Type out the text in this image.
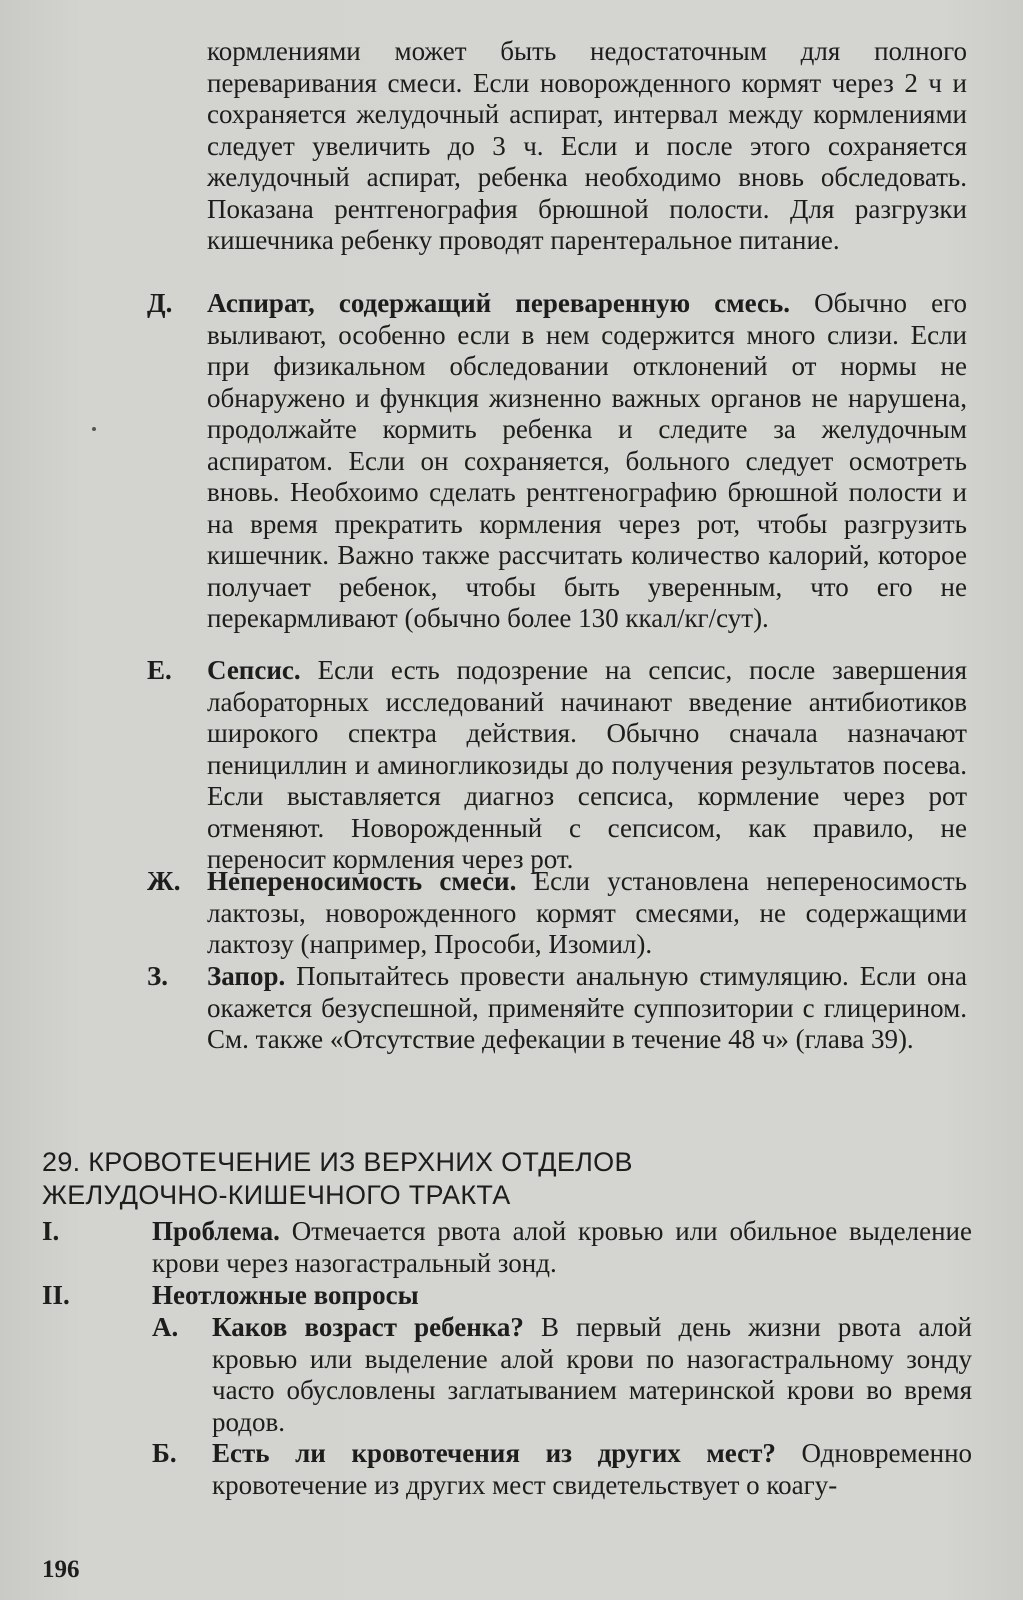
кормлениями может быть недостаточным для полного переваривания смеси. Если новорожденного кормят через 2 ч и сохраняется желудочный аспират, интервал между кормлениями следует увеличить до 3 ч. Если и после этого сохраняется желудочный аспират, ребенка необходимо вновь обследовать. Показана рентгенография брюшной полости. Для разгрузки кишечника ребенку проводят парентеральное питание.
Д. Аспират, содержащий переваренную смесь. Обычно его выливают, особенно если в нем содержится много слизи. Если при физикальном обследовании отклонений от нормы не обнаружено и функция жизненно важных органов не нарушена, продолжайте кормить ребенка и следите за желудочным аспиратом. Если он сохраняется, больного следует осмотреть вновь. Необхоимо сделать рентгенографию брюшной полости и на время прекратить кормления через рот, чтобы разгрузить кишечник. Важно также рассчитать количество калорий, которое получает ребенок, чтобы быть уверенным, что его не перекармливают (обычно более 130 ккал/кг/сут).
Е. Сепсис. Если есть подозрение на сепсис, после завершения лабораторных исследований начинают введение антибиотиков широкого спектра действия. Обычно сначала назначают пенициллин и аминогликозиды до получения результатов посева. Если выставляется диагноз сепсиса, кормление через рот отменяют. Новорожденный с сепсисом, как правило, не переносит кормления через рот.
Ж. Непереносимость смеси. Если установлена непереносимость лактозы, новорожденного кормят смесями, не содержащими лактозу (например, Прособи, Изомил).
З. Запор. Попытайтесь провести анальную стимуляцию. Если она окажется безуспешной, применяйте суппозитории с глицерином. См. также «Отсутствие дефекации в течение 48 ч» (глава 39).
29. КРОВОТЕЧЕНИЕ ИЗ ВЕРХНИХ ОТДЕЛОВ
ЖЕЛУДОЧНО-КИШЕЧНОГО ТРАКТА
I.	Проблема. Отмечается рвота алой кровью или обильное выделение крови через назогастральный зонд.
II.	Неотложные вопросы
А. Каков возраст ребенка? В первый день жизни рвота алой кровью или выделение алой крови по назогастральному зонду часто обусловлены заглатыванием материнской крови во время родов.
Б. Есть ли кровотечения из других мест? Одновременно кровотечение из других мест свидетельствует о коагу-
196
